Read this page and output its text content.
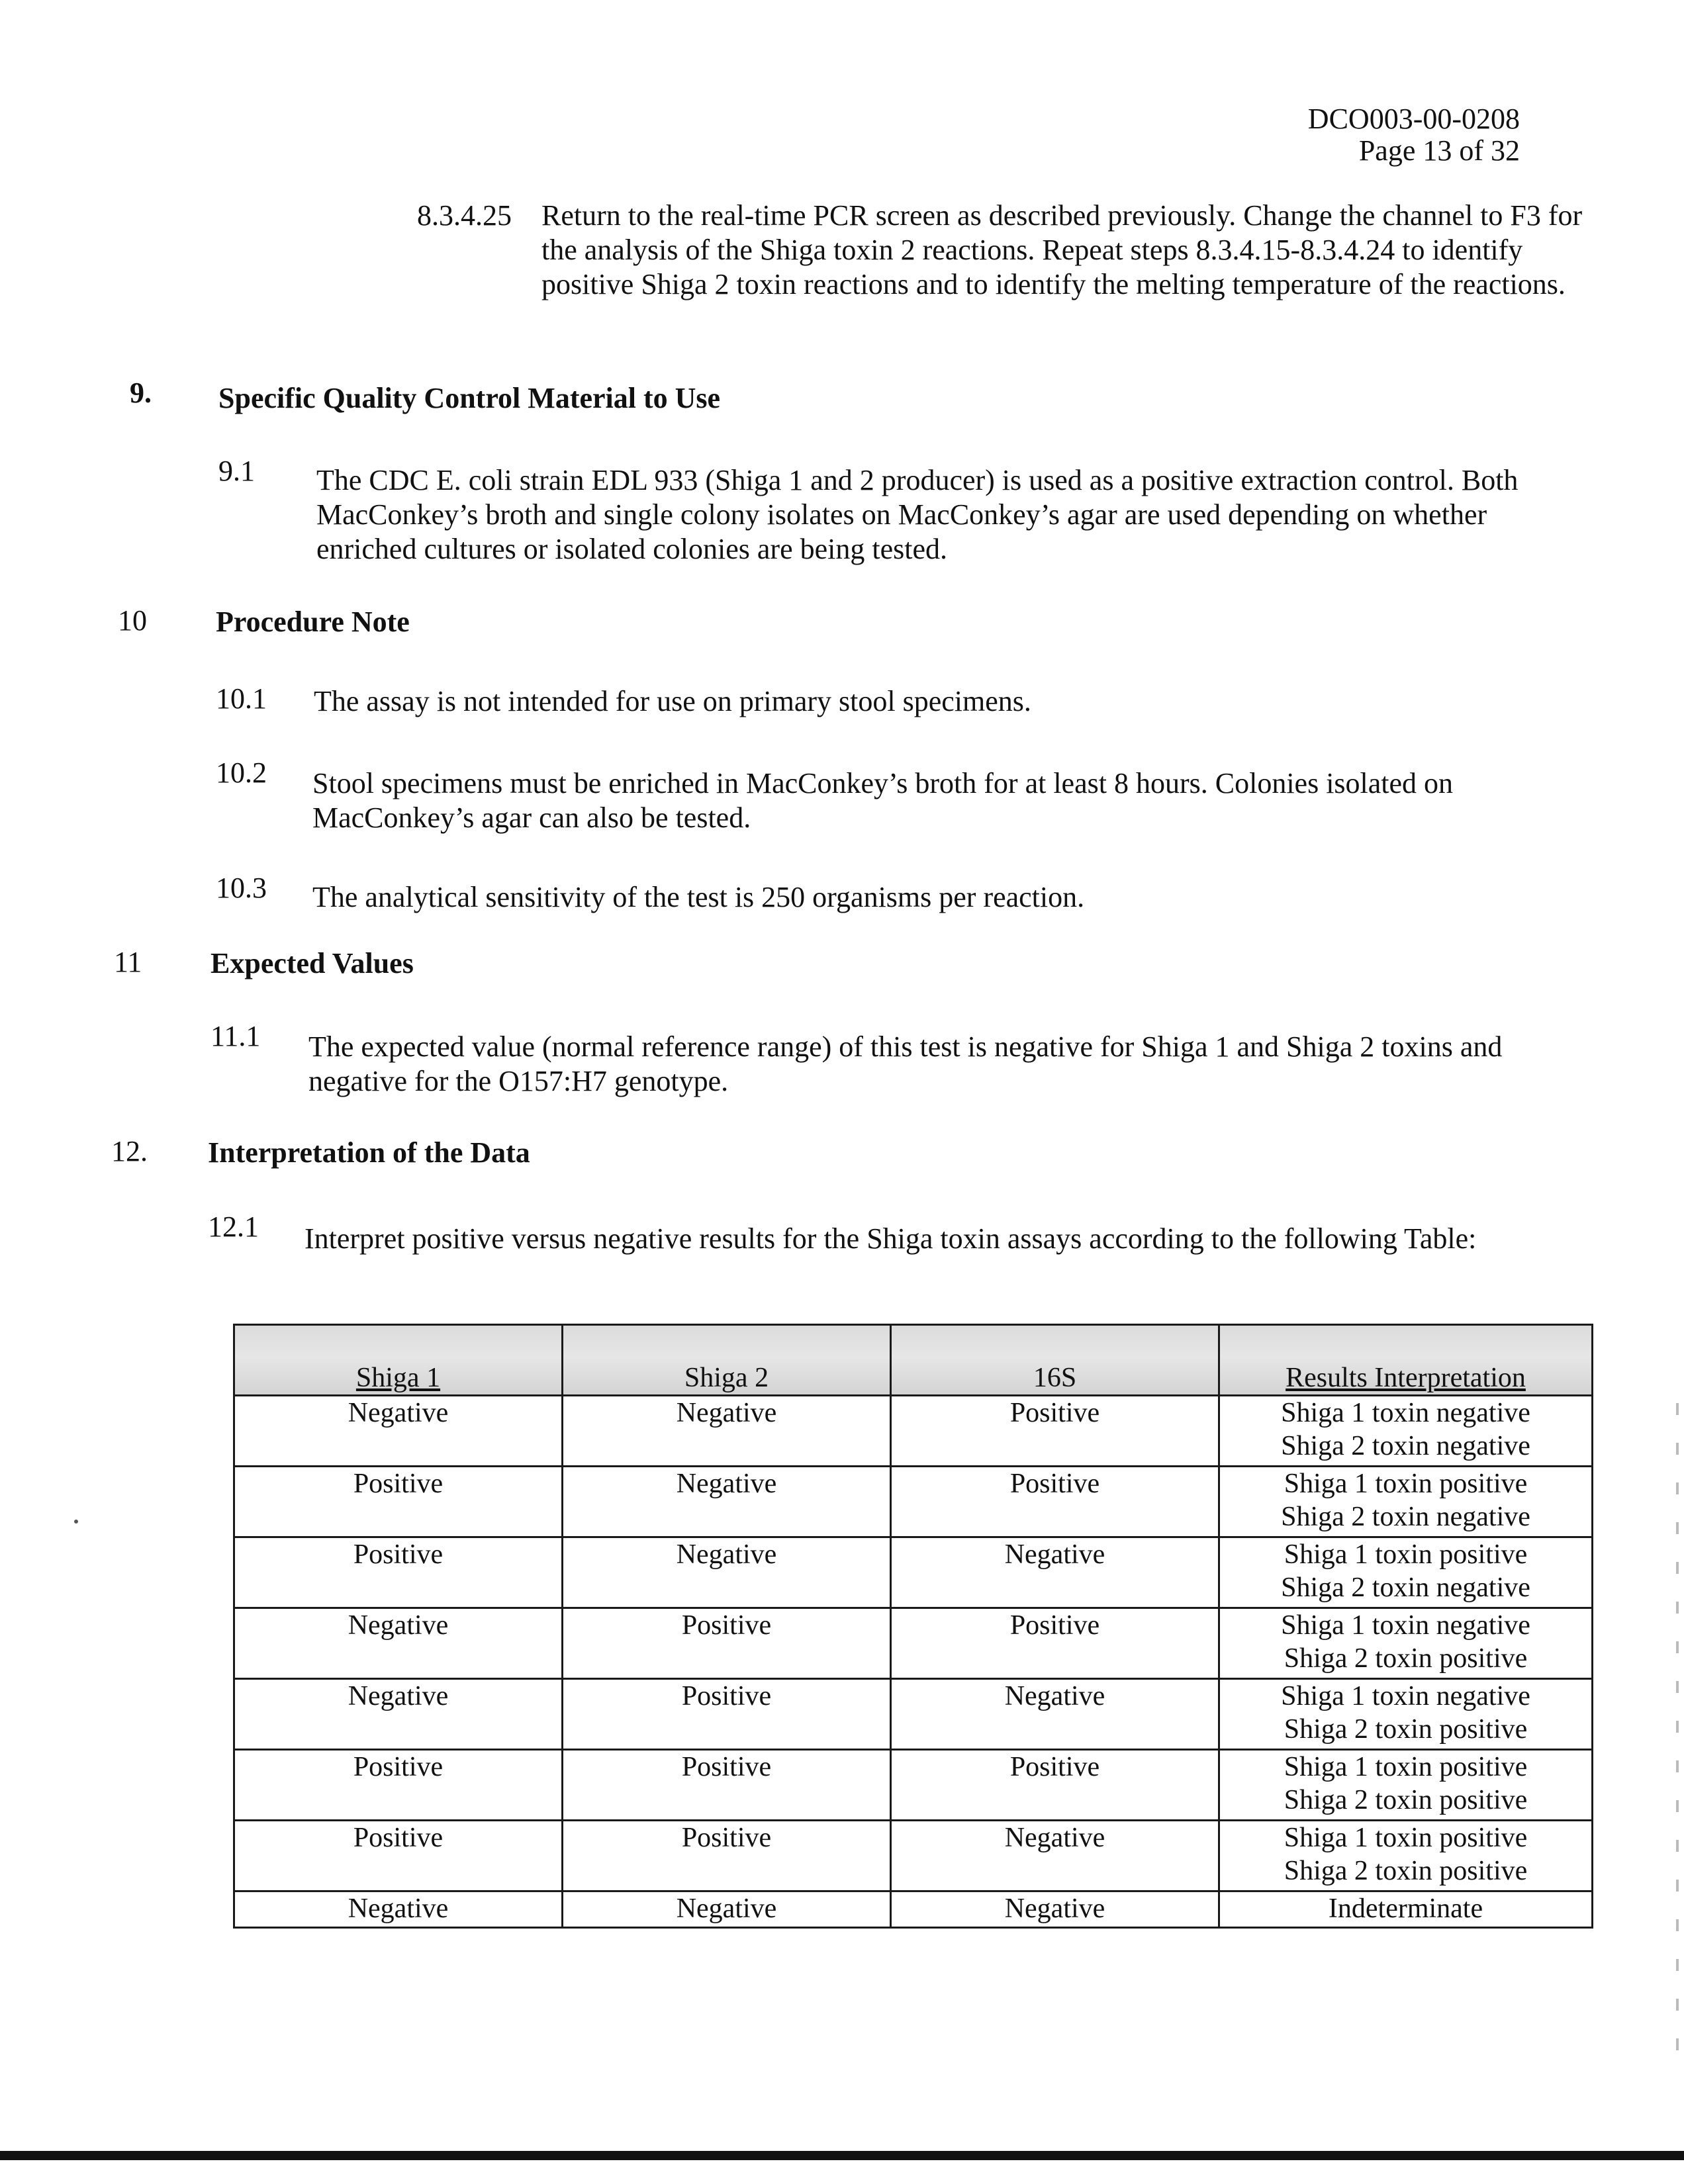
DCO003-00-0208
Page 13 of 32
8.3.4.25 Return to the real-time PCR screen as described previously. Change the channel to F3 for the analysis of the Shiga toxin 2 reactions. Repeat steps 8.3.4.15-8.3.4.24 to identify positive Shiga 2 toxin reactions and to identify the melting temperature of the reactions.
9. Specific Quality Control Material to Use
9.1 The CDC E. coli strain EDL 933 (Shiga 1 and 2 producer) is used as a positive extraction control. Both MacConkey’s broth and single colony isolates on MacConkey’s agar are used depending on whether enriched cultures or isolated colonies are being tested.
10 Procedure Note
10.1 The assay is not intended for use on primary stool specimens.
10.2 Stool specimens must be enriched in MacConkey’s broth for at least 8 hours. Colonies isolated on MacConkey’s agar can also be tested.
10.3 The analytical sensitivity of the test is 250 organisms per reaction.
11 Expected Values
11.1 The expected value (normal reference range) of this test is negative for Shiga 1 and Shiga 2 toxins and negative for the O157:H7 genotype.
12. Interpretation of the Data
12.1 Interpret positive versus negative results for the Shiga toxin assays according to the following Table:
Shiga 1	Shiga 2	16S	Results Interpretation
Negative	Negative	Positive	Shiga 1 toxin negative
Shiga 2 toxin negative

Positive	Negative	Positive	Shiga 1 toxin positive
Shiga 2 toxin negative

Positive	Negative	Negative	Shiga 1 toxin positive
Shiga 2 toxin negative

Negative	Positive	Positive	Shiga 1 toxin negative
Shiga 2 toxin positive

Negative	Positive	Negative	Shiga 1 toxin negative
Shiga 2 toxin positive

Positive	Positive	Positive	Shiga 1 toxin positive
Shiga 2 toxin positive

Positive	Positive	Negative	Shiga 1 toxin positive
Shiga 2 toxin positive

Negative	Negative	Negative	Indeterminate
